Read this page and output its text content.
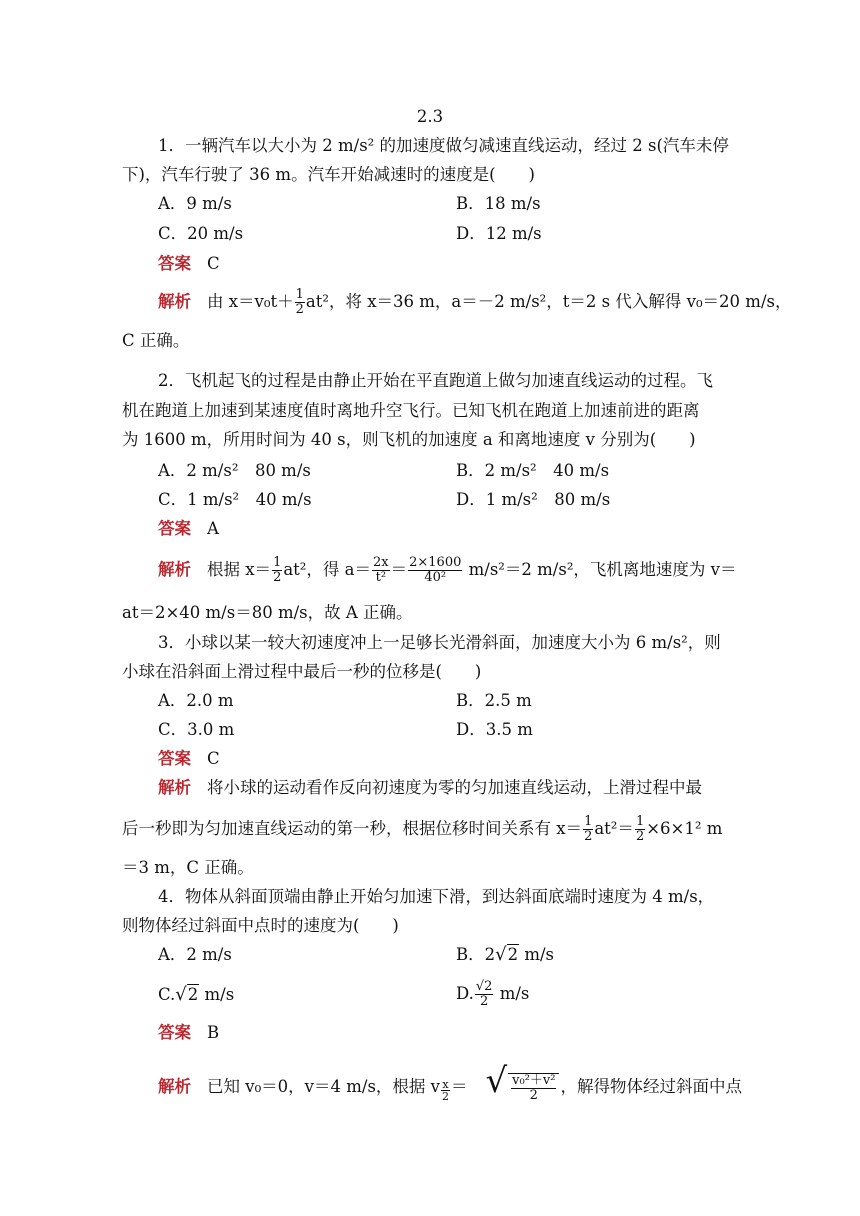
2.3
1．一辆汽车以大小为 2 m/s² 的加速度做匀减速直线运动，经过 2 s(汽车未停
下)，汽车行驶了 36 m。汽车开始减速时的速度是(　　)
A．9 m/s	B．18 m/s
C．20 m/s	D．12 m/s
答案 C
解析 由 $x=v_0t+ \frac{1}{2} at^2$，将 x＝36 m，a＝－2 m/s²，t＝2 s 代入解得 v₀＝20 m/s，
C 正确。
2．飞机起飞的过程是由静止开始在平直跑道上做匀加速直线运动的过程。飞
机在跑道上加速到某速度值时离地升空飞行。已知飞机在跑道上加速前进的距离
为 1600 m，所用时间为 40 s，则飞机的加速度 a 和离地速度 v 分别为(　　)
A．2 m/s²　80 m/s	B．2 m/s²　40 m/s
C．1 m/s²　40 m/s	D．1 m/s²　80 m/s
答案 A
解析 根据 $x= \frac{1}{2} at^2$，得 $a= \frac{2x}{\text{t²}} = \frac{2\times 1600}{\text{40²}} m/s^2=2$ m/s²，飞机离地速度为 v＝
at＝2×40 m/s＝80 m/s，故 A 正确。
3．小球以某一较大初速度冲上一足够长光滑斜面，加速度大小为 6 m/s²，则
小球在沿斜面上滑过程中最后一秒的位移是(　　)
A．2.0 m	B．2.5 m
C．3.0 m	D．3.5 m
答案 C
解析 将小球的运动看作反向初速度为零的匀加速直线运动，上滑过程中最
后一秒即为匀加速直线运动的第一秒，根据位移时间关系有 $x= \frac{1}{2} at^2= \frac{1}{2} \times 6\times 1^2$ m
＝3 m，C 正确。
4．物体从斜面顶端由静止开始匀加速下滑，到达斜面底端时速度为 4 m/s，
则物体经过斜面中点时的速度为(　　)
A．2 m/s	B．2√2 m/s
C.√2 m/s	D. $\frac{√2}{2} m/s$
答案 B
解析 已知 v₀＝0，v＝4 m/s，根据 v $\frac{x}{2}$ ＝ √ $\frac{\text{v₀²＋v²}}{2}$ ，解得物体经过斜面中点
